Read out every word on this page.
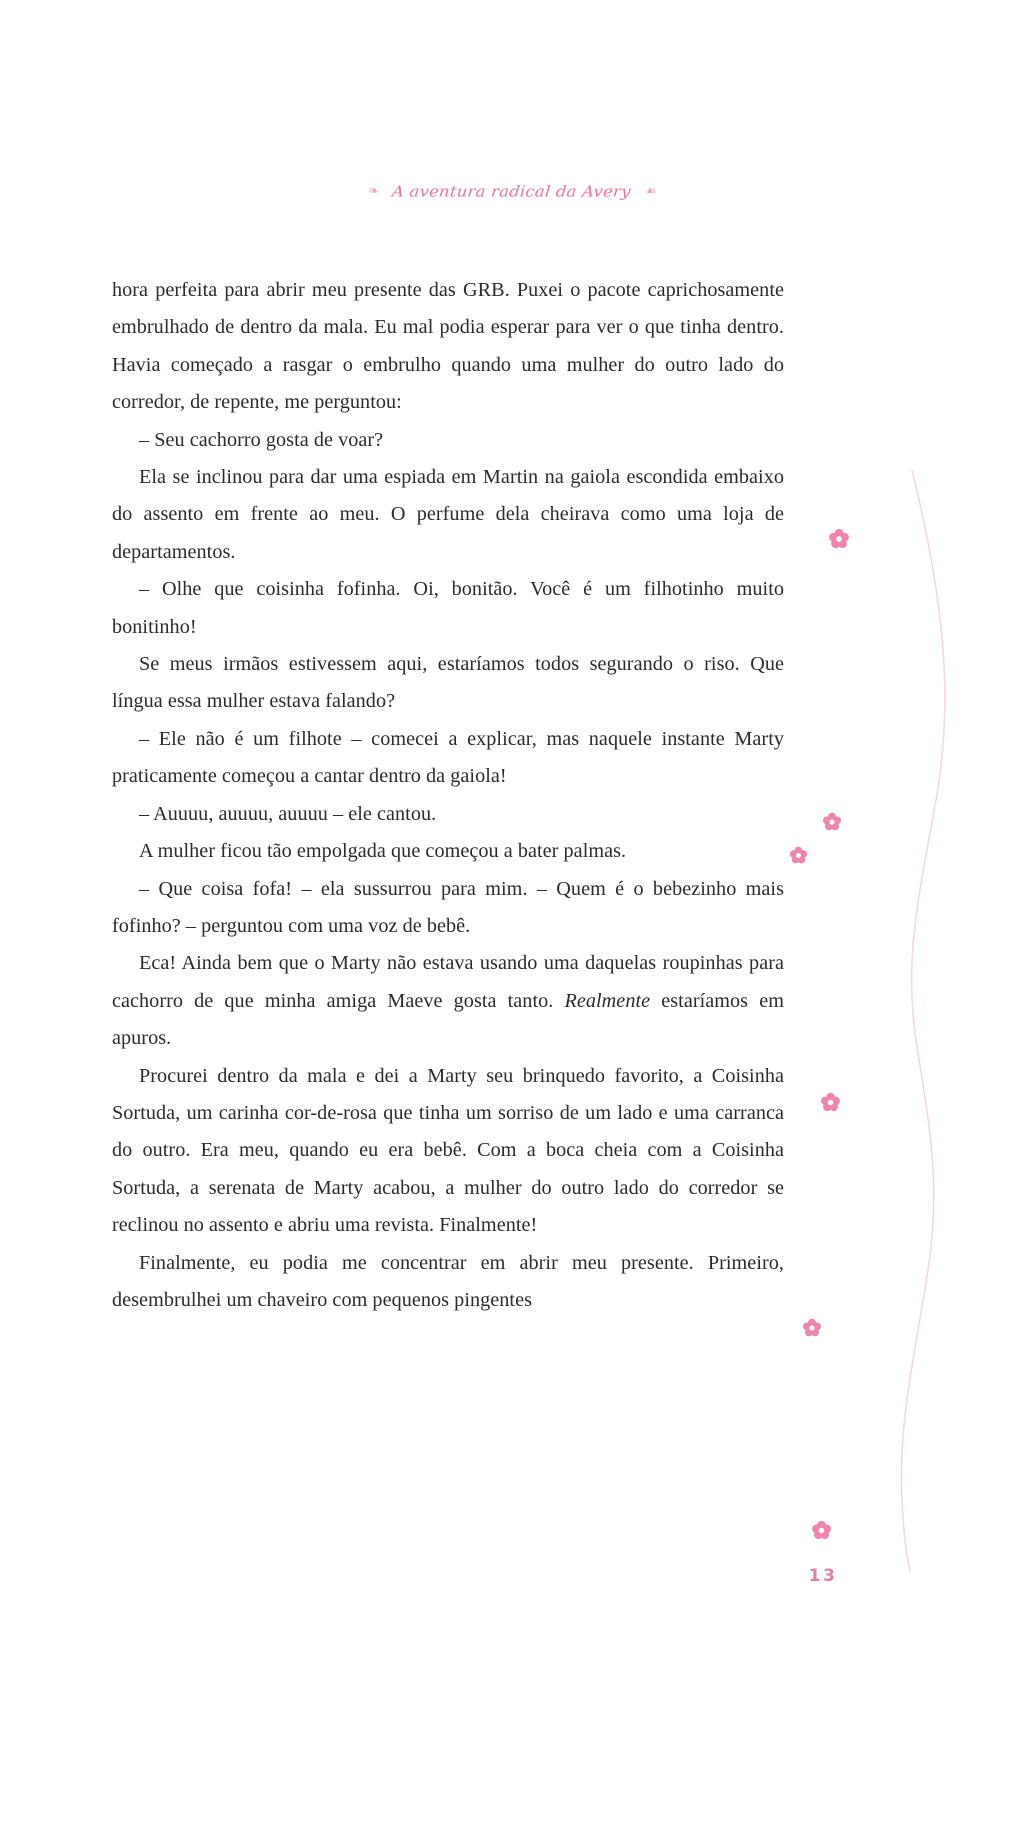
❧ A aventura radical da Avery ☙

hora perfeita para abrir meu presente das GRB. Puxei o pacote caprichosamente embrulhado de dentro da mala. Eu mal podia esperar para ver o que tinha dentro. Havia começado a rasgar o embrulho quando uma mulher do outro lado do corredor, de repente, me perguntou:

– Seu cachorro gosta de voar?

Ela se inclinou para dar uma espiada em Martin na gaiola escondida embaixo do assento em frente ao meu. O perfume dela cheirava como uma loja de departamentos.

– Olhe que coisinha fofinha. Oi, bonitão. Você é um filhotinho muito bonitinho!

Se meus irmãos estivessem aqui, estaríamos todos segurando o riso. Que língua essa mulher estava falando?

– Ele não é um filhote – comecei a explicar, mas naquele instante Marty praticamente começou a cantar dentro da gaiola!

– Auuuu, auuuu, auuuu – ele cantou.

A mulher ficou tão empolgada que começou a bater palmas.

– Que coisa fofa! – ela sussurrou para mim. – Quem é o bebezinho mais fofinho? – perguntou com uma voz de bebê.

Eca! Ainda bem que o Marty não estava usando uma daquelas roupinhas para cachorro de que minha amiga Maeve gosta tanto. Realmente estaríamos em apuros.

Procurei dentro da mala e dei a Marty seu brinquedo favorito, a Coisinha Sortuda, um carinha cor-de-rosa que tinha um sorriso de um lado e uma carranca do outro. Era meu, quando eu era bebê. Com a boca cheia com a Coisinha Sortuda, a serenata de Marty acabou, a mulher do outro lado do corredor se reclinou no assento e abriu uma revista. Finalmente!

Finalmente, eu podia me concentrar em abrir meu presente. Primeiro, desembrulhei um chaveiro com pequenos pingentes

13
